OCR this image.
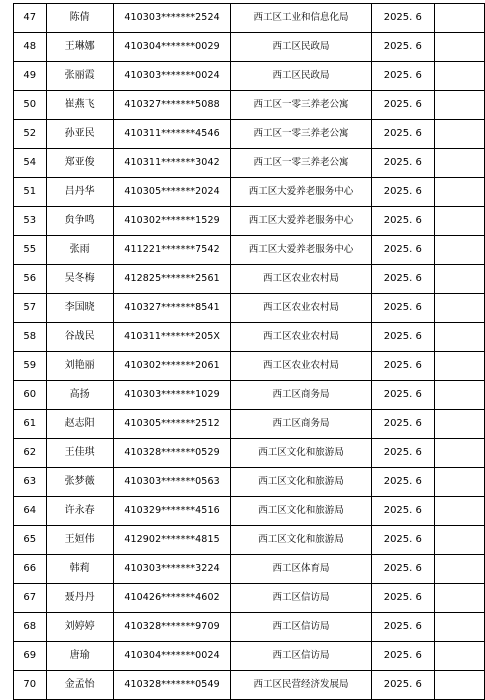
47	陈倩	410303*******2524	西工区工业和信息化局	2025. 6	
48	王琳娜	410304*******0029	西工区民政局	2025. 6	
49	张丽霞	410303*******0024	西工区民政局	2025. 6	
50	崔燕飞	410327*******5088	西工区一零三养老公寓	2025. 6	
52	孙亚民	410311*******4546	西工区一零三养老公寓	2025. 6	
54	郑亚俊	410311*******3042	西工区一零三养老公寓	2025. 6	
51	吕丹华	410305*******2024	西工区大爱养老服务中心	2025. 6	
53	贠争鸣	410302*******1529	西工区大爱养老服务中心	2025. 6	
55	张雨	411221*******7542	西工区大爱养老服务中心	2025. 6	
56	吴冬梅	412825*******2561	西工区农业农村局	2025. 6	
57	李国晓	410327*******8541	西工区农业农村局	2025. 6	
58	谷战民	410311*******205X	西工区农业农村局	2025. 6	
59	刘艳丽	410302*******2061	西工区农业农村局	2025. 6	
60	高扬	410303*******1029	西工区商务局	2025. 6	
61	赵志阳	410305*******2512	西工区商务局	2025. 6	
62	王佳琪	410328*******0529	西工区文化和旅游局	2025. 6	
63	张梦薇	410303*******0563	西工区文化和旅游局	2025. 6	
64	许永春	410329*******4516	西工区文化和旅游局	2025. 6	
65	王姮伟	412902*******4815	西工区文化和旅游局	2025. 6	
66	韩莉	410303*******3224	西工区体育局	2025. 6	
67	聂丹丹	410426*******4602	西工区信访局	2025. 6	
68	刘婷婷	410328*******9709	西工区信访局	2025. 6	
69	唐瑜	410304*******0024	西工区信访局	2025. 6	
70	金孟怡	410328*******0549	西工区民营经济发展局	2025. 6	
